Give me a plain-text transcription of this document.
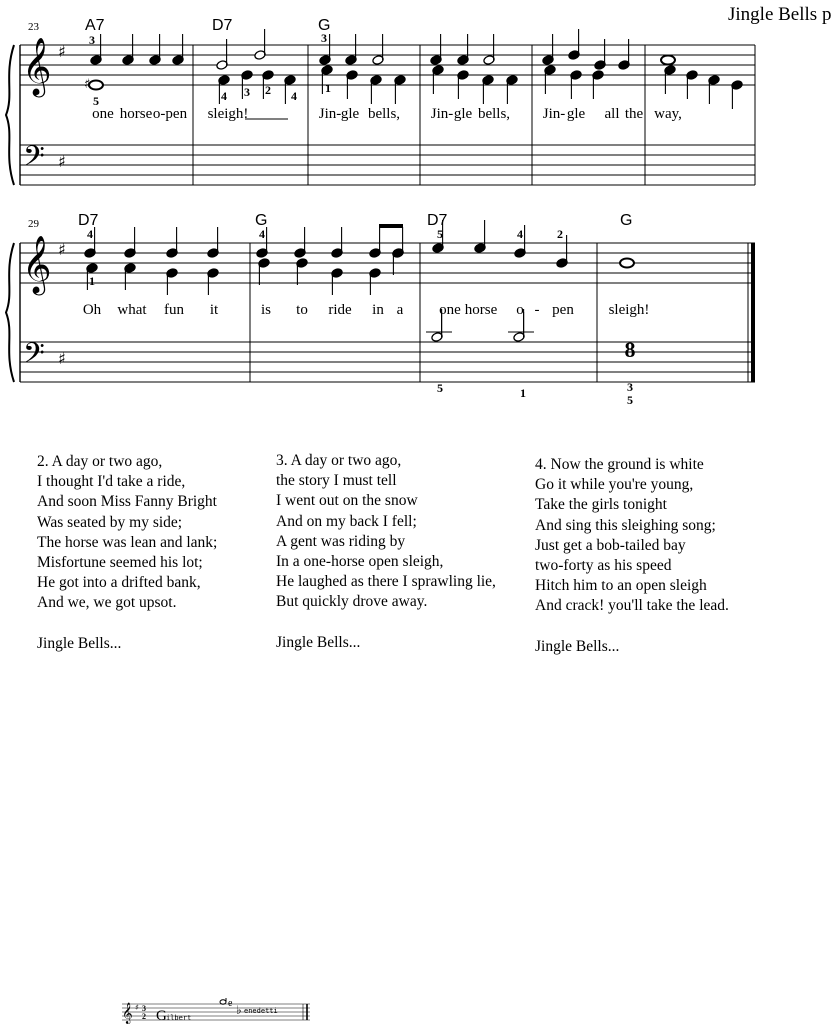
Jingle Bells p
𝄞
𝄢
♯
♯
23	A7	D7	G
♯
3
5	4 3 2 4
3
1
one horse o-pen sleigh!	Jin- gle bells, Jin- gle bells, Jin- gle all the way,
𝄞
𝄢
♯
♯
29 D7	G	D7	G
8
4
1
4	5	4	2
5	1	3
5
Oh what fun it	is to ride in a one horse o - pen sleigh!
2. A day or two ago,
I thought I'd take a ride,
And soon Miss Fanny Bright
Was seated by my side;
The horse was lean and lank;
Misfortune seemed his lot;
He got into a drifted bank,
And we, we got upsot.
Jingle Bells...
3. A day or two ago,
the story I must tell
I went out on the snow
And on my back I fell;
A gent was riding by
In a one-horse open sleigh,
He laughed as there I sprawling lie,
But quickly drove away.
Jingle Bells...
4. Now the ground is white
Go it while you're young,
Take the girls tonight
And sing this sleighing song;
Just get a bob-tailed bay
two-forty as his speed
Hitch him to an open sleigh
And crack! you'll take the lead.
Jingle Bells...
𝄞 ♯ 3
2 G ilbert
e ♭ enedetti
